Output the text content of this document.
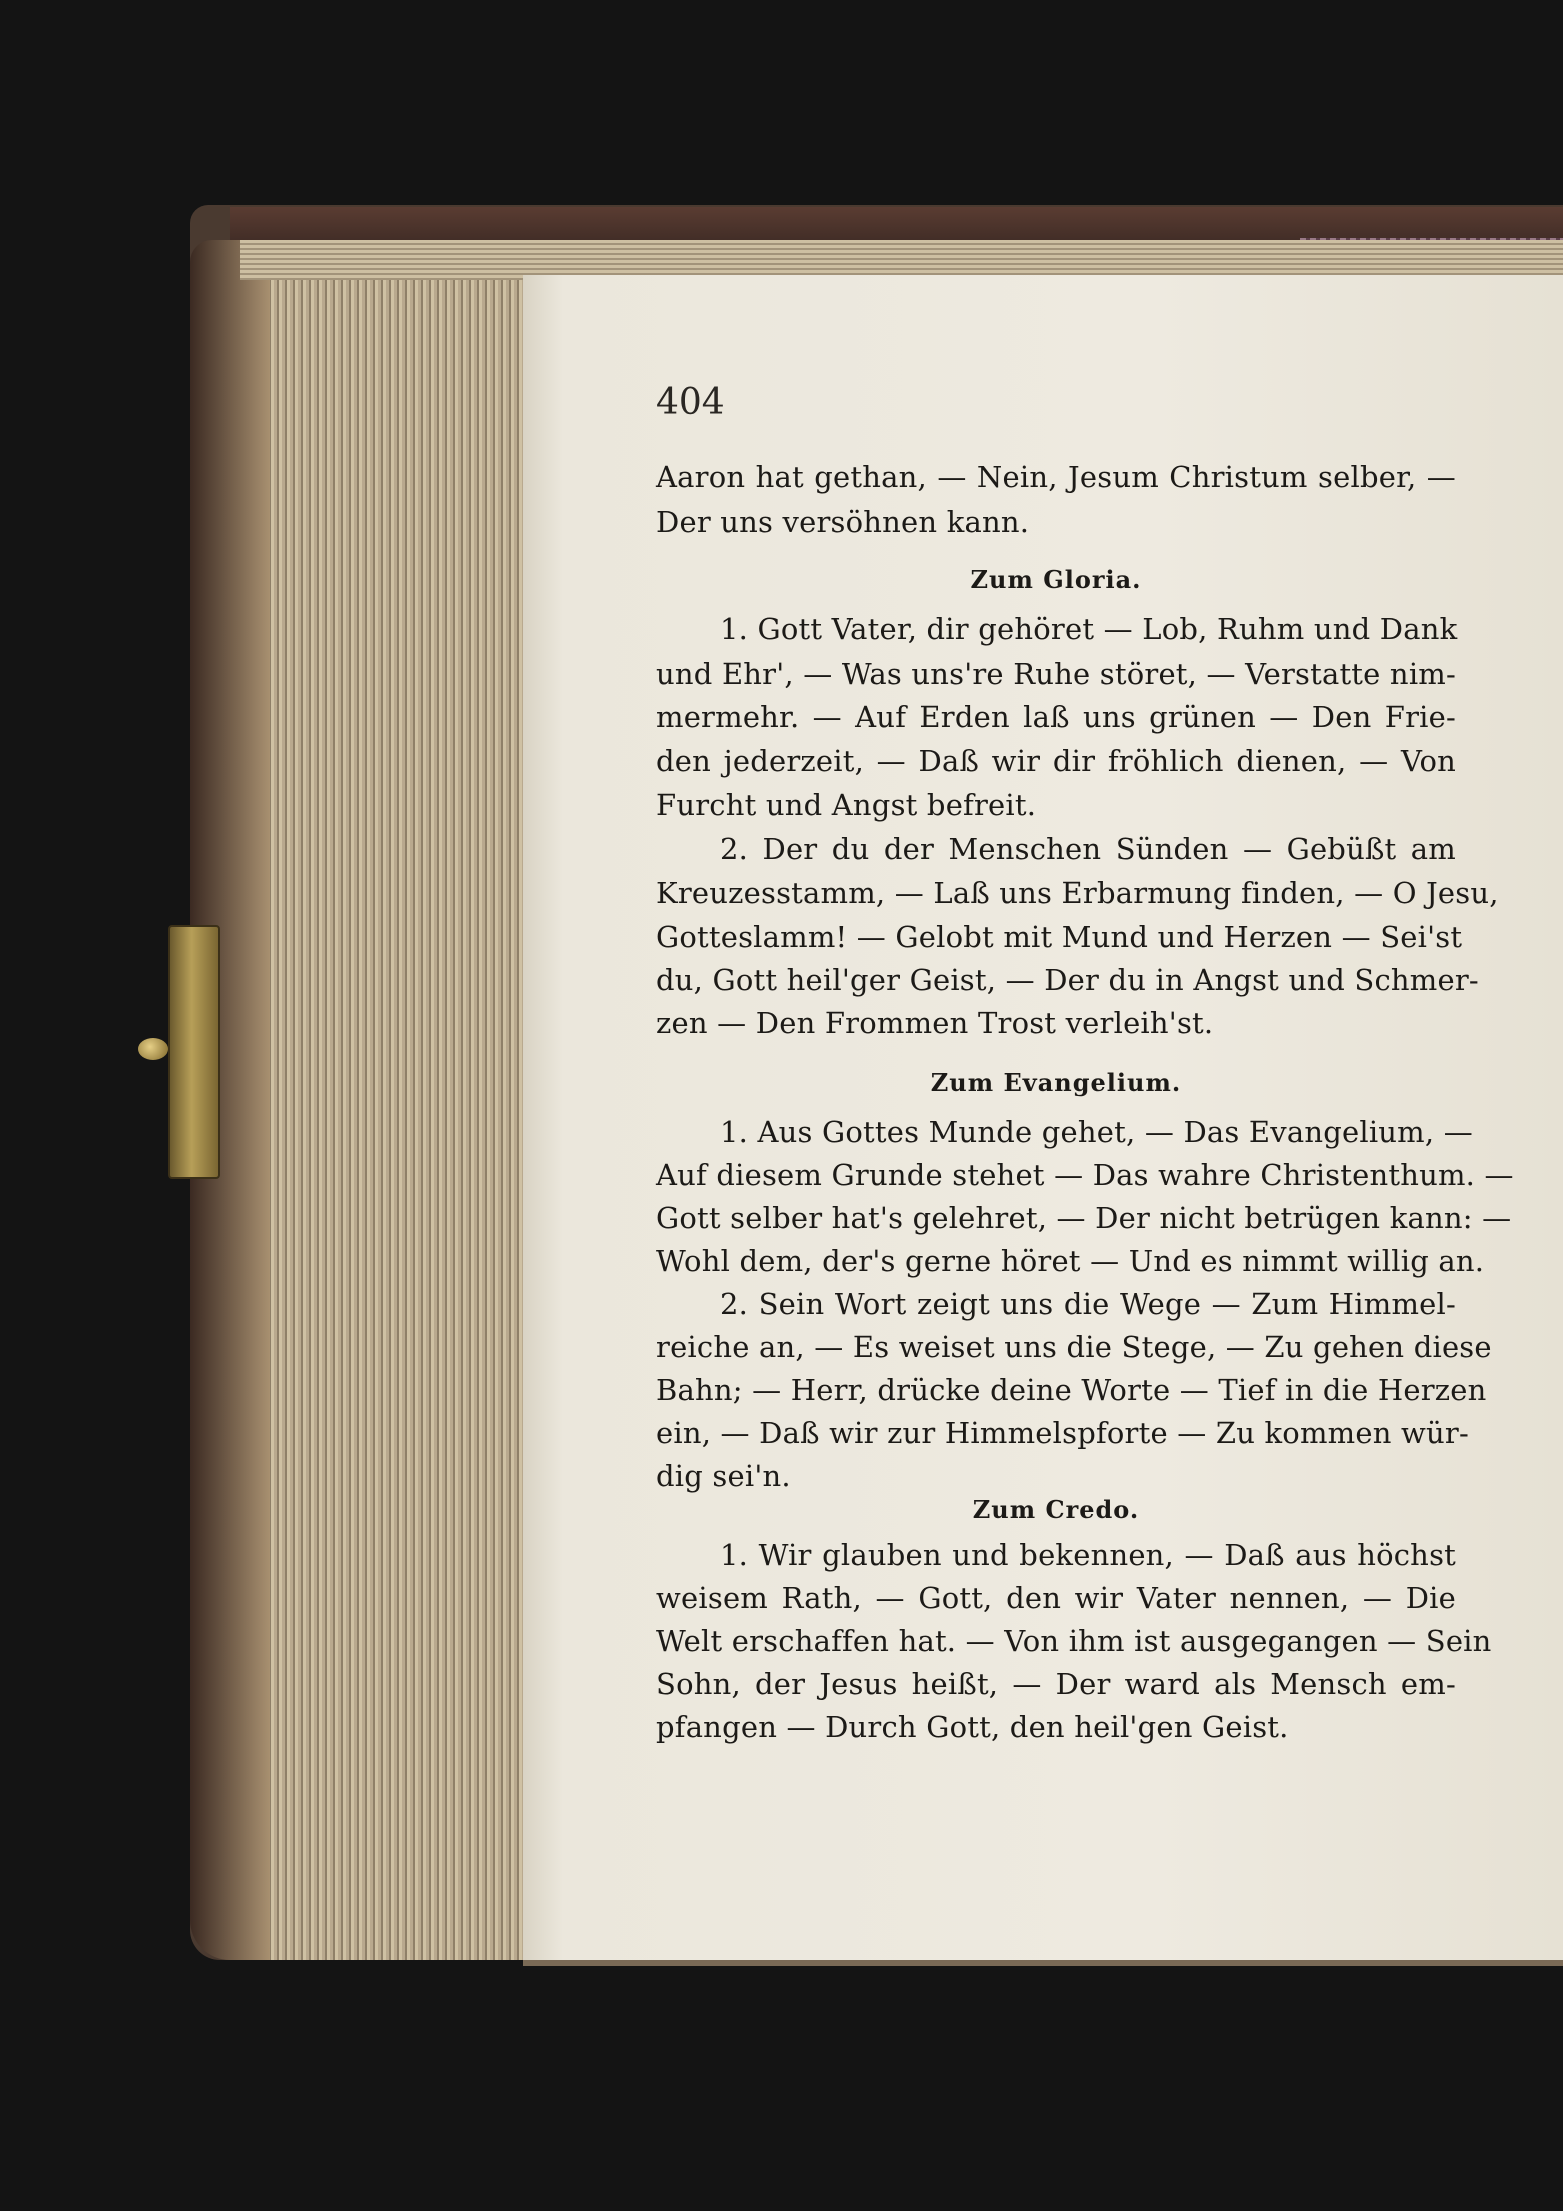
404
Aaron hat gethan, — Nein, Jesum Christum selber, —
Der uns versöhnen kann.
Zum Gloria.
1. Gott Vater, dir gehöret — Lob, Ruhm und Dank
und Ehr', — Was uns're Ruhe störet, — Verstatte nim-
mermehr. — Auf Erden laß uns grünen — Den Frie-
den jederzeit, — Daß wir dir fröhlich dienen, — Von
Furcht und Angst befreit.
2. Der du der Menschen Sünden — Gebüßt am
Kreuzesstamm, — Laß uns Erbarmung finden, — O Jesu,
Gotteslamm! — Gelobt mit Mund und Herzen — Sei'st
du, Gott heil'ger Geist, — Der du in Angst und Schmer-
zen — Den Frommen Trost verleih'st.
Zum Evangelium.
1. Aus Gottes Munde gehet, — Das Evangelium, —
Auf diesem Grunde stehet — Das wahre Christenthum. —
Gott selber hat's gelehret, — Der nicht betrügen kann: —
Wohl dem, der's gerne höret — Und es nimmt willig an.
2. Sein Wort zeigt uns die Wege — Zum Himmel-
reiche an, — Es weiset uns die Stege, — Zu gehen diese
Bahn; — Herr, drücke deine Worte — Tief in die Herzen
ein, — Daß wir zur Himmelspforte — Zu kommen wür-
dig sei'n.
Zum Credo.
1. Wir glauben und bekennen, — Daß aus höchst
weisem Rath, — Gott, den wir Vater nennen, — Die
Welt erschaffen hat. — Von ihm ist ausgegangen — Sein
Sohn, der Jesus heißt, — Der ward als Mensch em-
pfangen — Durch Gott, den heil'gen Geist.
